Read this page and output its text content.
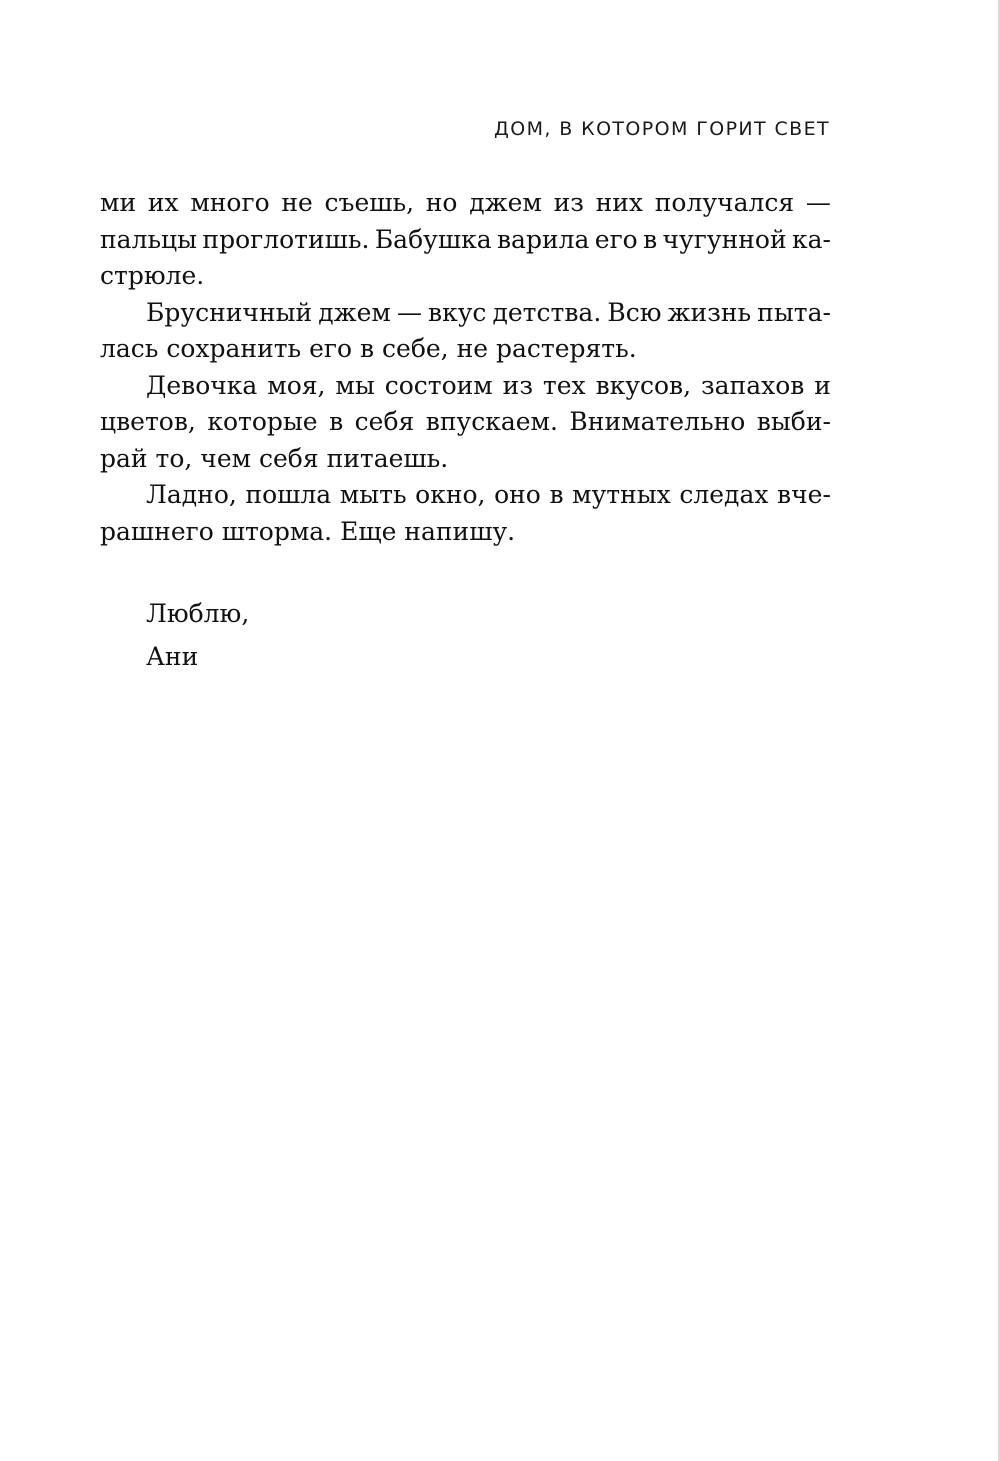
ДОМ, В КОТОРОМ ГОРИТ СВЕТ
ми их много не съешь, но джем из них получался —
пальцы проглотишь. Бабушка варила его в чугунной ка-
стрюле.
Брусничный джем — вкус детства. Всю жизнь пыта-
лась сохранить его в себе, не растерять.
Девочка моя, мы состоим из тех вкусов, запахов и
цветов, которые в себя впускаем. Внимательно выби-
рай то, чем себя питаешь.
Ладно, пошла мыть окно, оно в мутных следах вче-
рашнего шторма. Еще напишу.
Люблю,
Ани
